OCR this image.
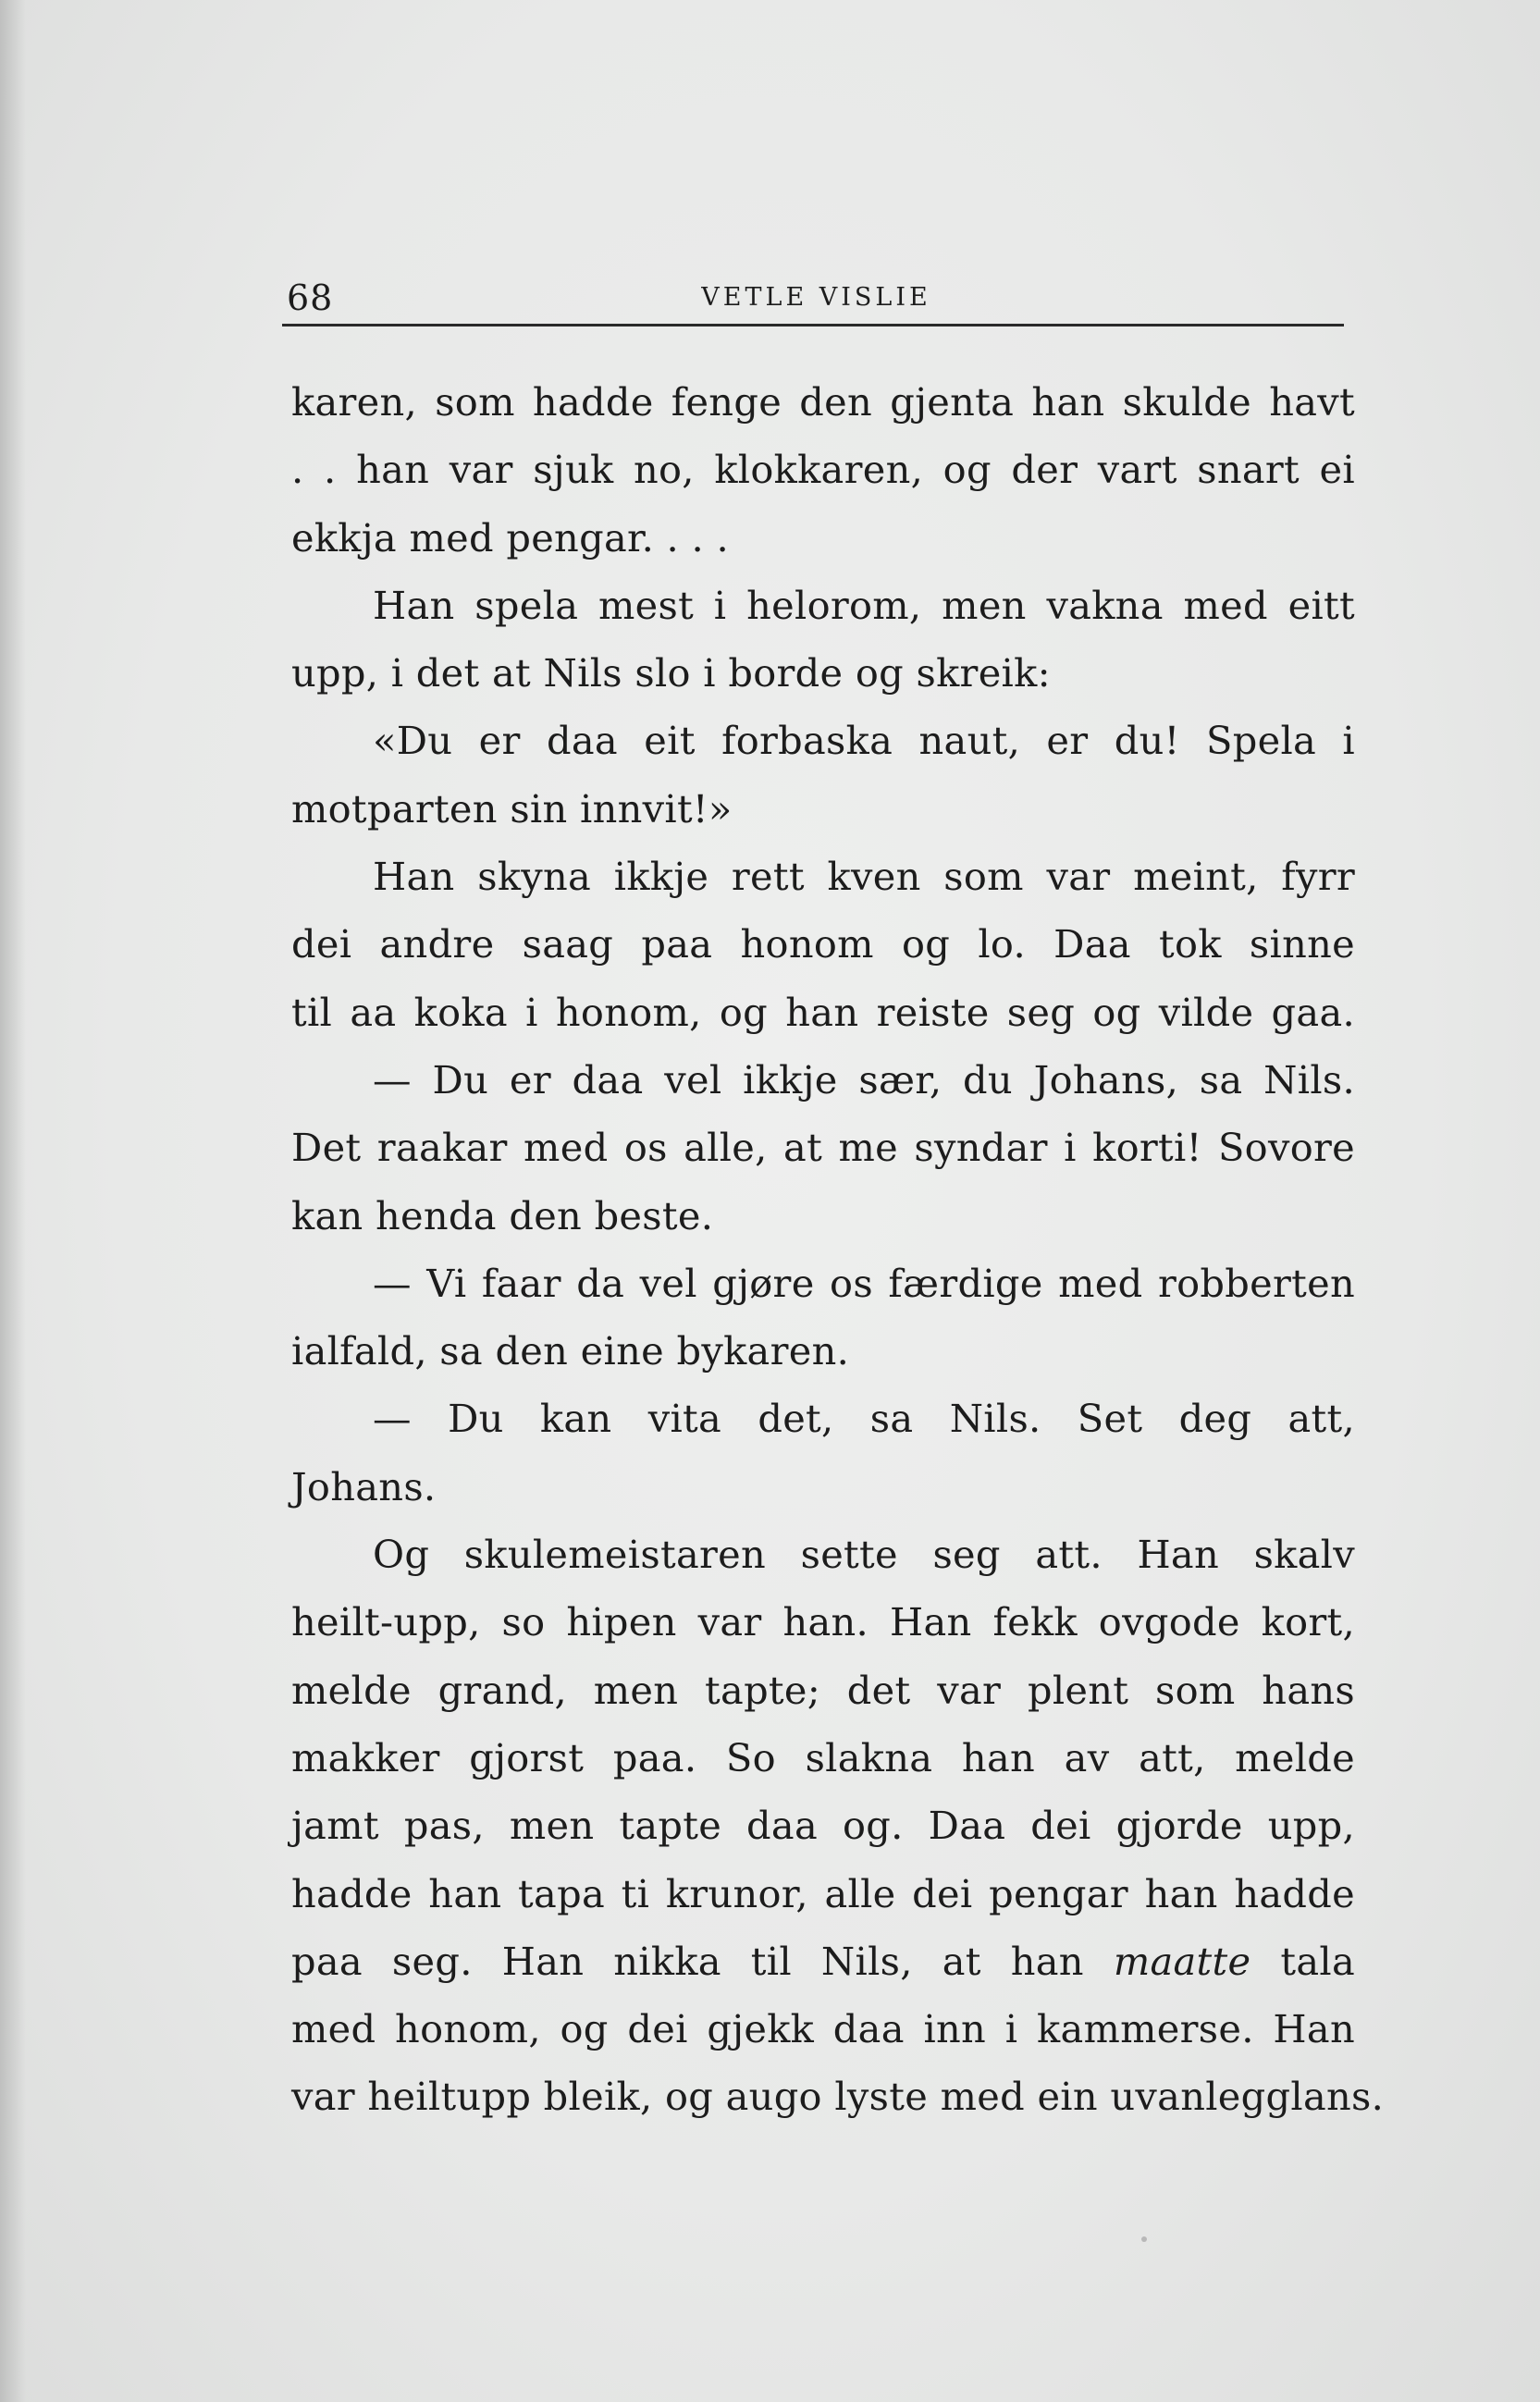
68	VETLE VISLIE
karen, som hadde fenge den gjenta han skulde havt
. . han var sjuk no, klokkaren, og der vart snart ei
ekkja med pengar. . . .
Han spela mest i helorom, men vakna med eitt
upp, i det at Nils slo i borde og skreik:
«Du er daa eit forbaska naut, er du! Spela i
motparten sin innvit!»
Han skyna ikkje rett kven som var meint, fyrr
dei andre saag paa honom og lo. Daa tok sinne
til aa koka i honom, og han reiste seg og vilde gaa.
— Du er daa vel ikkje sær, du Johans, sa Nils.
Det raakar med os alle, at me syndar i korti! Sovore
kan henda den beste.
— Vi faar da vel gjøre os færdige med robberten
ialfald, sa den eine bykaren.
— Du kan vita det, sa Nils. Set deg att,
Johans.
Og skulemeistaren sette seg att. Han skalv
heilt-upp, so hipen var han. Han fekk ovgode kort,
melde grand, men tapte; det var plent som hans
makker gjorst paa. So slakna han av att, melde
jamt pas, men tapte daa og. Daa dei gjorde upp,
hadde han tapa ti krunor, alle dei pengar han hadde
paa seg. Han nikka til Nils, at han maatte tala
med honom, og dei gjekk daa inn i kammerse. Han
var heiltupp bleik, og augo lyste med ein uvanlegglans.
